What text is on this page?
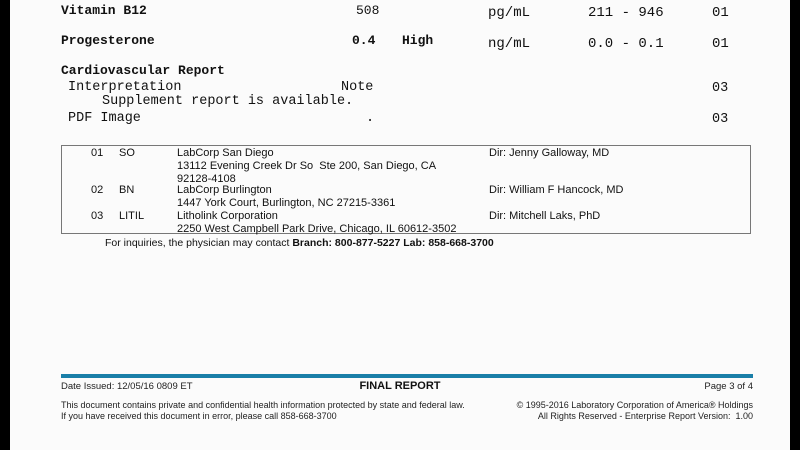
Vitamin B12	508	pg/mL	211 - 946	01
Progesterone	0.4 High	ng/mL	0.0 - 0.1	01
Cardiovascular Report
Interpretation	Note	03
Supplement report is available.
PDF Image	.	03
01 SO	LabCorp San Diego
13112 Evening Creek Dr So  Ste 200, San Diego, CA
92128-4108
Dir: Jenny Galloway, MD
02 BN	LabCorp Burlington
1447 York Court, Burlington, NC 27215-3361
Dir: William F Hancock, MD
03 LITIL	Litholink Corporation
2250 West Campbell Park Drive, Chicago, IL 60612-3502
Dir: Mitchell Laks, PhD
For inquiries, the physician may contact Branch: 800-877-5227 Lab: 858-668-3700
Date Issued: 12/05/16 0809 ET	FINAL REPORT	Page 3 of 4
This document contains private and confidential health information protected by state and federal law.
If you have received this document in error, please call 858-668-3700
© 1995-2016 Laboratory Corporation of America® Holdings
All Rights Reserved - Enterprise Report Version:  1.00
